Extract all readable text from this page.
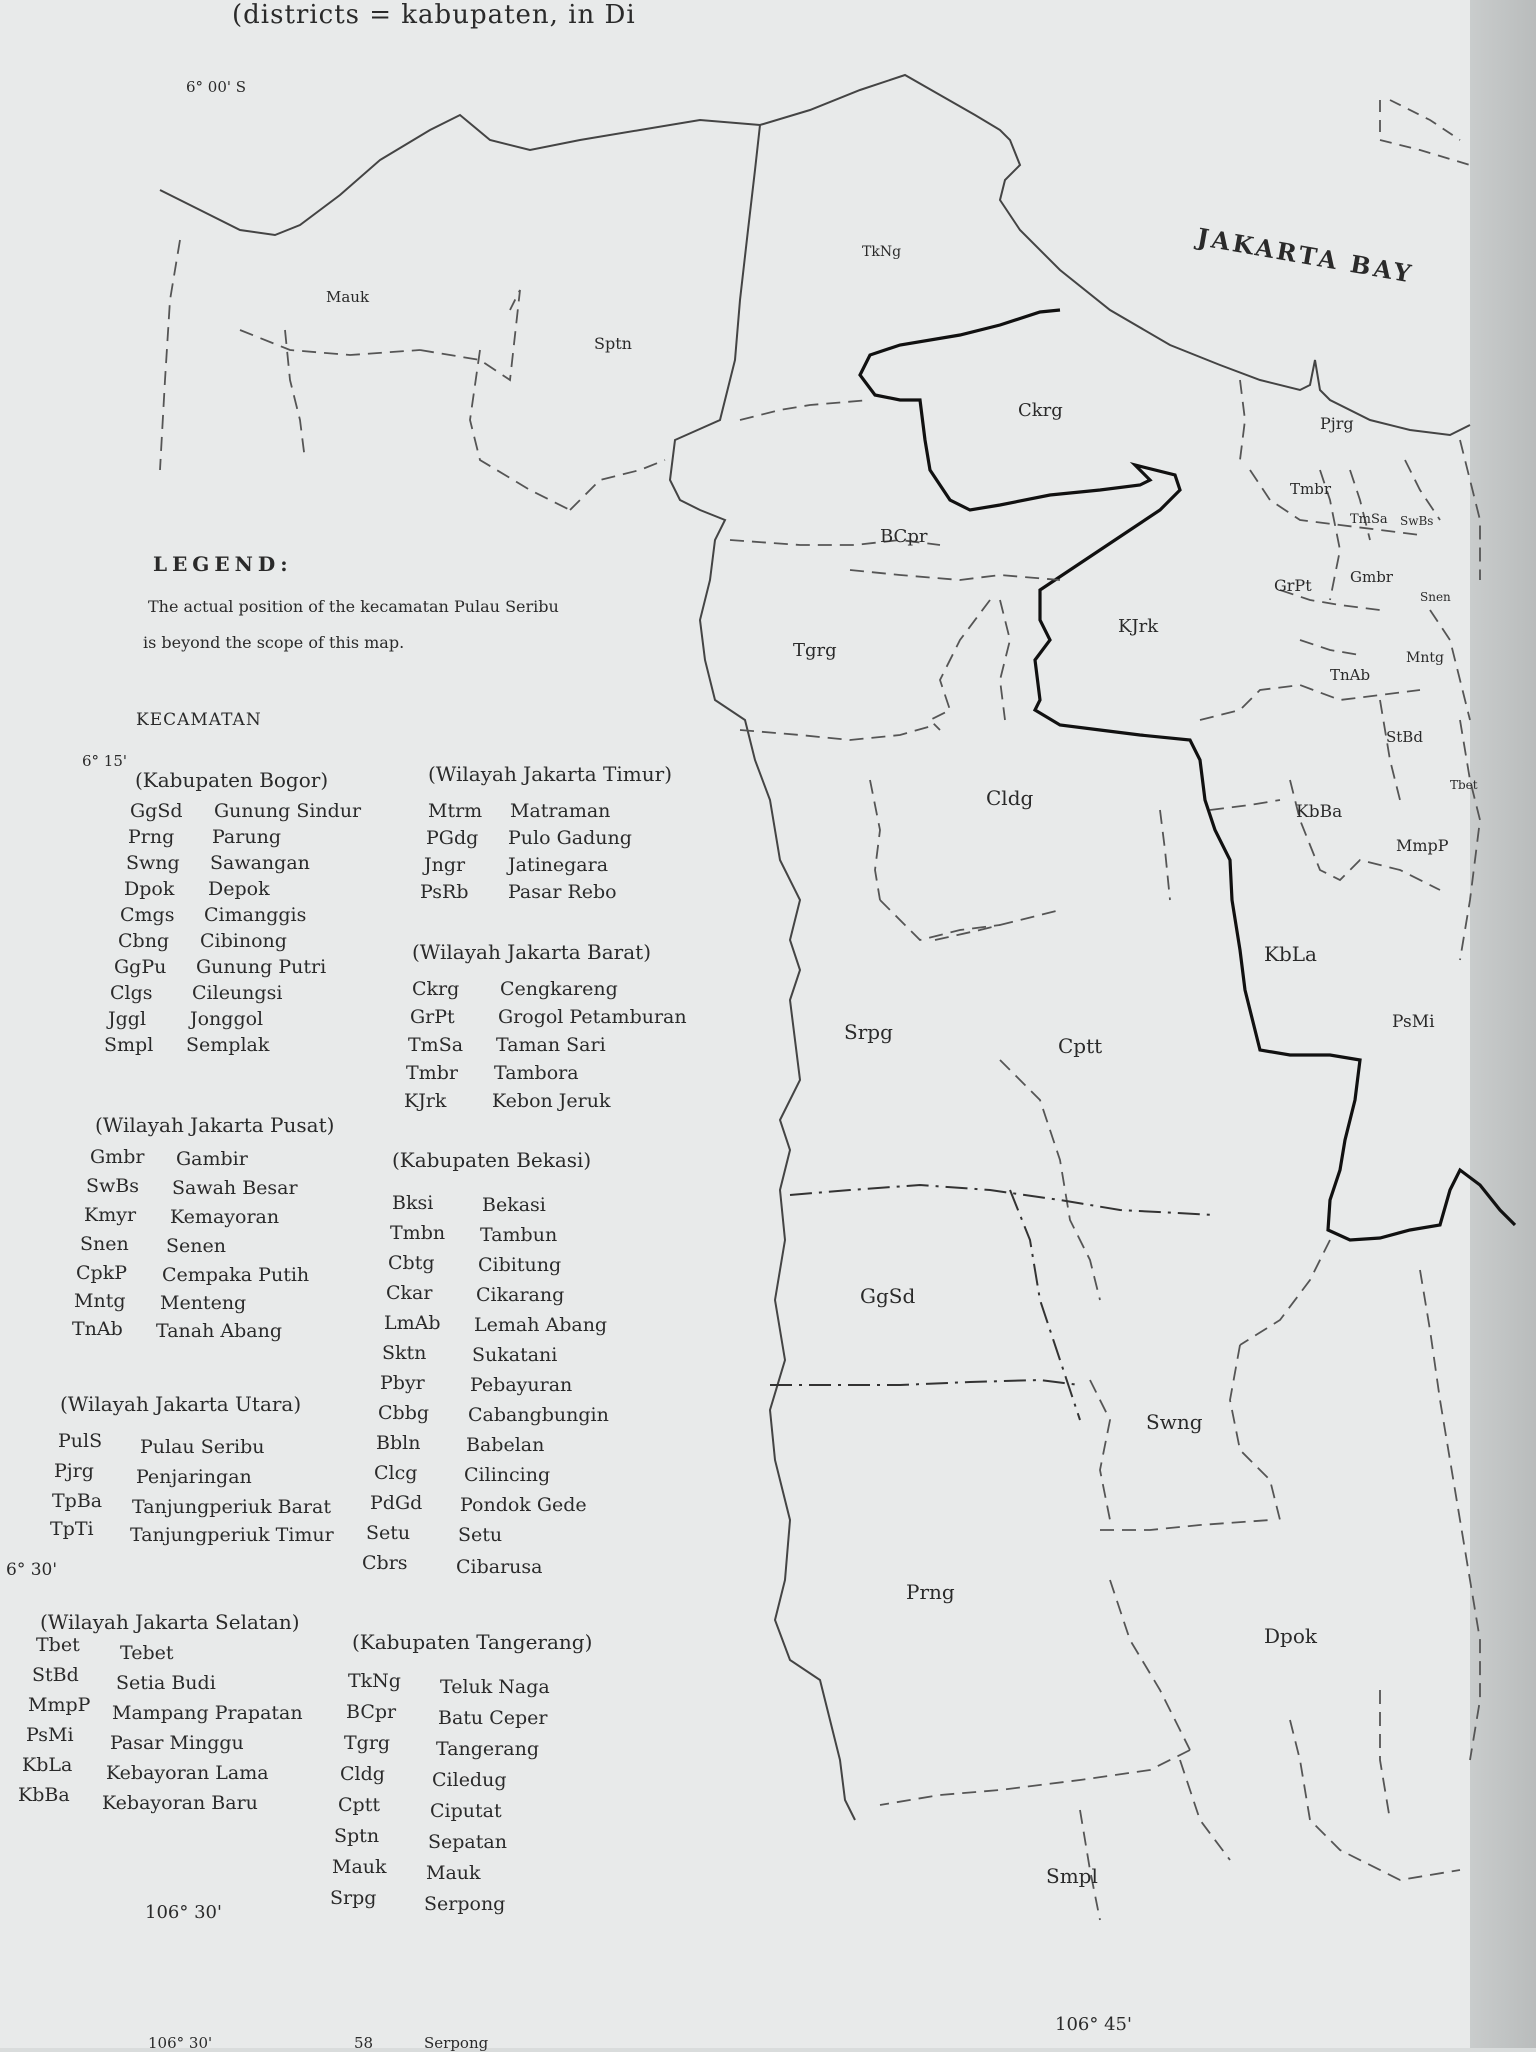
(districts = kabupaten, in Di
6° 00' S
6° 15'
6° 30'
106° 30'
106° 45'
JAKARTA BAY
LEGEND:
The actual position of the kecamatan Pulau Seribu
is beyond the scope of this map.
KECAMATAN
(Kabupaten Bogor)
GgSd Gunung Sindur
Prng Parung
Swng Sawangan
Dpok Depok
Cmgs Cimanggis
Cbng Cibinong
GgPu Gunung Putri
Clgs Cileungsi
Jggl Jonggol
Smpl Semplak
(Wilayah Jakarta Timur)
Mtrm Matraman
PGdg Pulo Gadung
Jngr Jatinegara
PsRb Pasar Rebo
(Wilayah Jakarta Barat)
Ckrg Cengkareng
GrPt Grogol Petamburan
TmSa Taman Sari
Tmbr Tambora
KJrk Kebon Jeruk
(Wilayah Jakarta Pusat)
Gmbr Gambir
SwBs Sawah Besar
Kmyr Kemayoran
Snen Senen
CpkP Cempaka Putih
Mntg Menteng
TnAb Tanah Abang
(Kabupaten Bekasi)
Bksi	Bekasi
Tmbn Tambun
Cbtg Cibitung
Ckar Cikarang
LmAb Lemah Abang
Sktn Sukatani
Pbyr Pebayuran
Cbbg Cabangbungin
Bbln Babelan
Clcg Cilincing
PdGd Pondok Gede
Setu	Setu
Cbrs	Cibarusa
(Wilayah Jakarta Utara)
PulS Pulau Seribu
Pjrg Penjaringan
TpBa Tanjungperiuk Barat
TpTi Tanjungperiuk Timur
(Wilayah Jakarta Selatan)
Tbet Tebet
StBd Setia Budi
MmpP Mampang Prapatan
PsMi Pasar Minggu
KbLa Kebayoran Lama
KbBa Kebayoran Baru
(Kabupaten Tangerang)
TkNg Teluk Naga
BCpr Batu Ceper
Tgrg Tangerang
Cldg Ciledug
Cptt	Ciputat
Sptn	Sepatan
Mauk Mauk
Srpg	Serpong
TkNg
Mauk
Sptn
Ckrg
BCpr
Tgrg
KJrk
Cldg
Srpg
Cptt
KbLa
GgSd
Swng
Prng
Dpok
Smpl
Pjrg
Tmbr
TmSa SwBs
GrPt	Gmbr
Snen
TnAb
Mntg
StBd
Tbet
KbBa
MmpP
PsMi
106° 30'	58	Serpong
